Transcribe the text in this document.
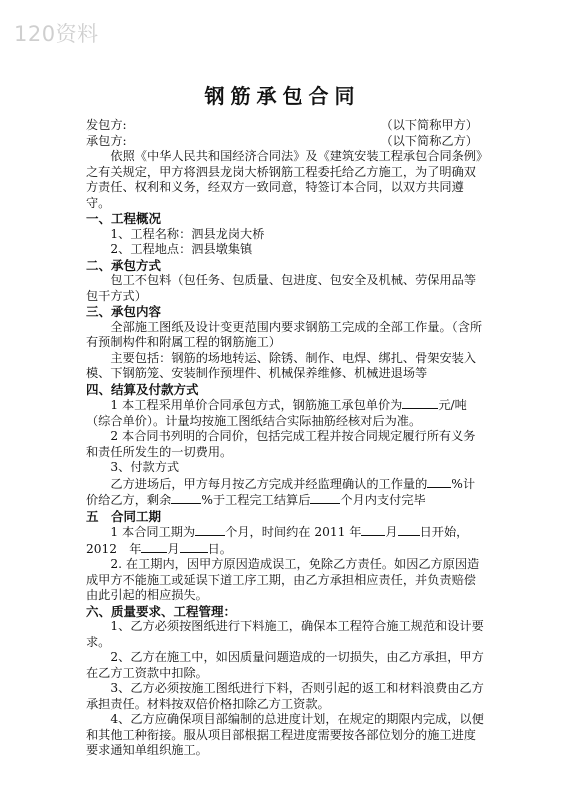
120资料
钢筋承包合同
发包方:	（以下简称甲方）
承包方:	（以下简称乙方）

依照《中华人民共和国经济合同法》及《建筑安装工程承包合同条例》之有关规定，甲方将泗县龙岗大桥钢筋工程委托给乙方施工，为了明确双方责任、权利和义务，经双方一致同意，特签订本合同，以双方共同遵守。

一、工程概况

1、工程名称：泗县龙岗大桥

2、工程地点：泗县墩集镇

二、承包方式

包工不包料（包任务、包质量、包进度、包安全及机械、劳保用品等包干方式）

三、承包内容

全部施工图纸及设计变更范围内要求钢筋工完成的全部工作量。（含所有预制构件和附属工程的钢筋施工）

主要包括：钢筋的场地转运、除锈、制作、电焊、绑扎、骨架安装入模、下钢筋笼、安装制作预埋件、机械保养维修、机械进退场等

四、结算及付款方式

1 本工程采用单价合同承包方式，钢筋施工承包单价为	元/吨（综合单价）。计量均按施工图纸结合实际抽筋经核对后为准。

2 本合同书列明的合同价，包括完成工程并按合同规定履行所有义务和责任所发生的一切费用。

3、付款方式

乙方进场后，甲方每月按乙方完成并经监理确认的工作量的 %计价给乙方，剩余 %于工程完工结算后 个月内支付完毕

五　合同工期

1 本合同工期为 个月，时间约在 2011 年 月 日开始，2012　年 月 日。

2. 在工期内，因甲方原因造成误工，免除乙方责任。如因乙方原因造成甲方不能施工或延误下道工序工期，由乙方承担相应责任，并负责赔偿由此引起的相应损失。

六、质量要求、工程管理：

1、乙方必须按图纸进行下料施工，确保本工程符合施工规范和设计要求。

2、乙方在施工中，如因质量问题造成的一切损失，由乙方承担，甲方在乙方工资款中扣除。

3、乙方必须按施工图纸进行下料，否则引起的返工和材料浪费由乙方承担责任。材料按双倍价格扣除乙方工资款。

4、乙方应确保项目部编制的总进度计划，在规定的期限内完成，以便和其他工种衔接。服从项目部根据工程进度需要按各部位划分的施工进度要求通知单组织施工。
